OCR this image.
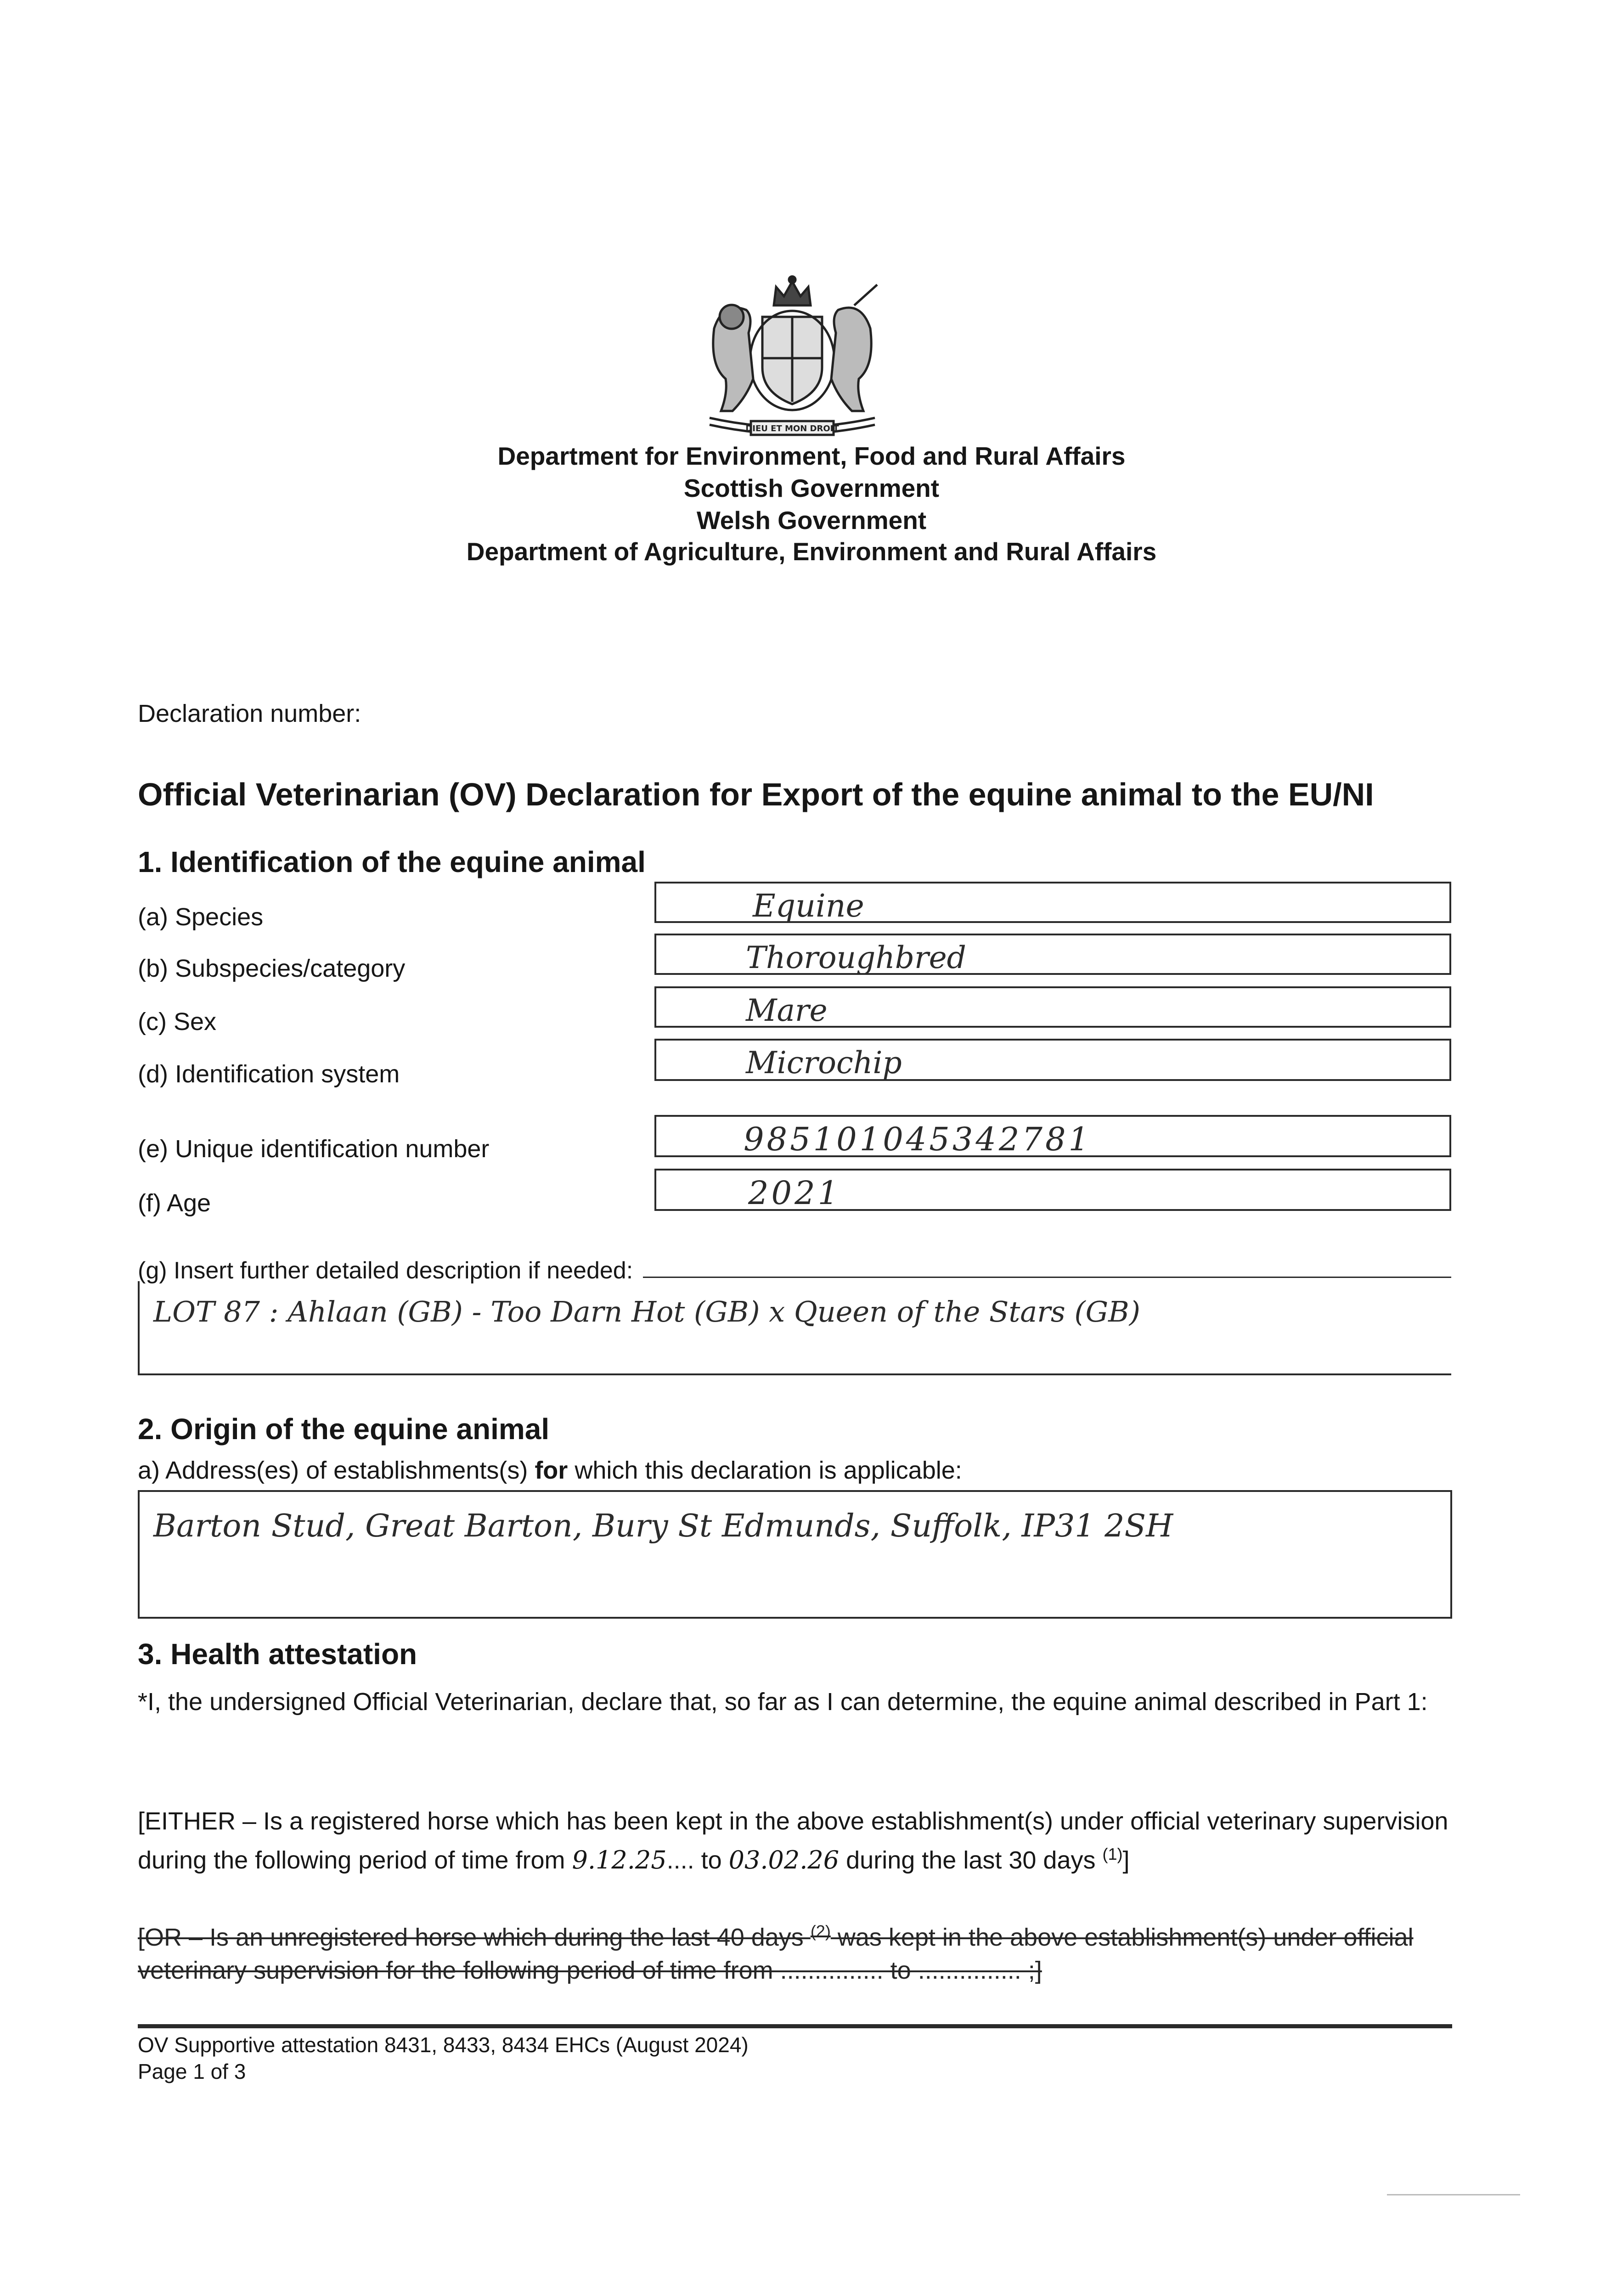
DIEU ET MON DROIT
Department for Environment, Food and Rural Affairs
Scottish Government
Welsh Government
Department of Agriculture, Environment and Rural Affairs
Declaration number:
Official Veterinarian (OV) Declaration for Export of the equine animal to the EU/NI
1. Identification of the equine animal
(a) Species	Equine
(b) Subspecies/category	Thoroughbred
(c) Sex	Mare
(d) Identification system	Microchip
(e) Unique identification number	985101045342781
(f) Age	2021
(g) Insert further detailed description if needed:
LOT 87 : Ahlaan (GB) - Too Darn Hot (GB) x Queen of the Stars (GB)
2. Origin of the equine animal
a) Address(es) of establishments(s) for which this declaration is applicable:
Barton Stud, Great Barton, Bury St Edmunds, Suffolk, IP31 2SH
3. Health attestation
*I, the undersigned Official Veterinarian, declare that, so far as I can determine, the equine animal described in Part 1:
[EITHER – Is a registered horse which has been kept in the above establishment(s) under official veterinary supervision during the following period of time from 9.12.25.... to 03.02.26 during the last 30 days $^{(1)}$]
[OR – Is an unregistered horse which during the last 40 days $^{(2)}$ was kept in the above establishment(s) under official veterinary supervision for the following period of time from ............... to ............... ;]
OV Supportive attestation 8431, 8433, 8434 EHCs (August 2024)
Page 1 of 3
